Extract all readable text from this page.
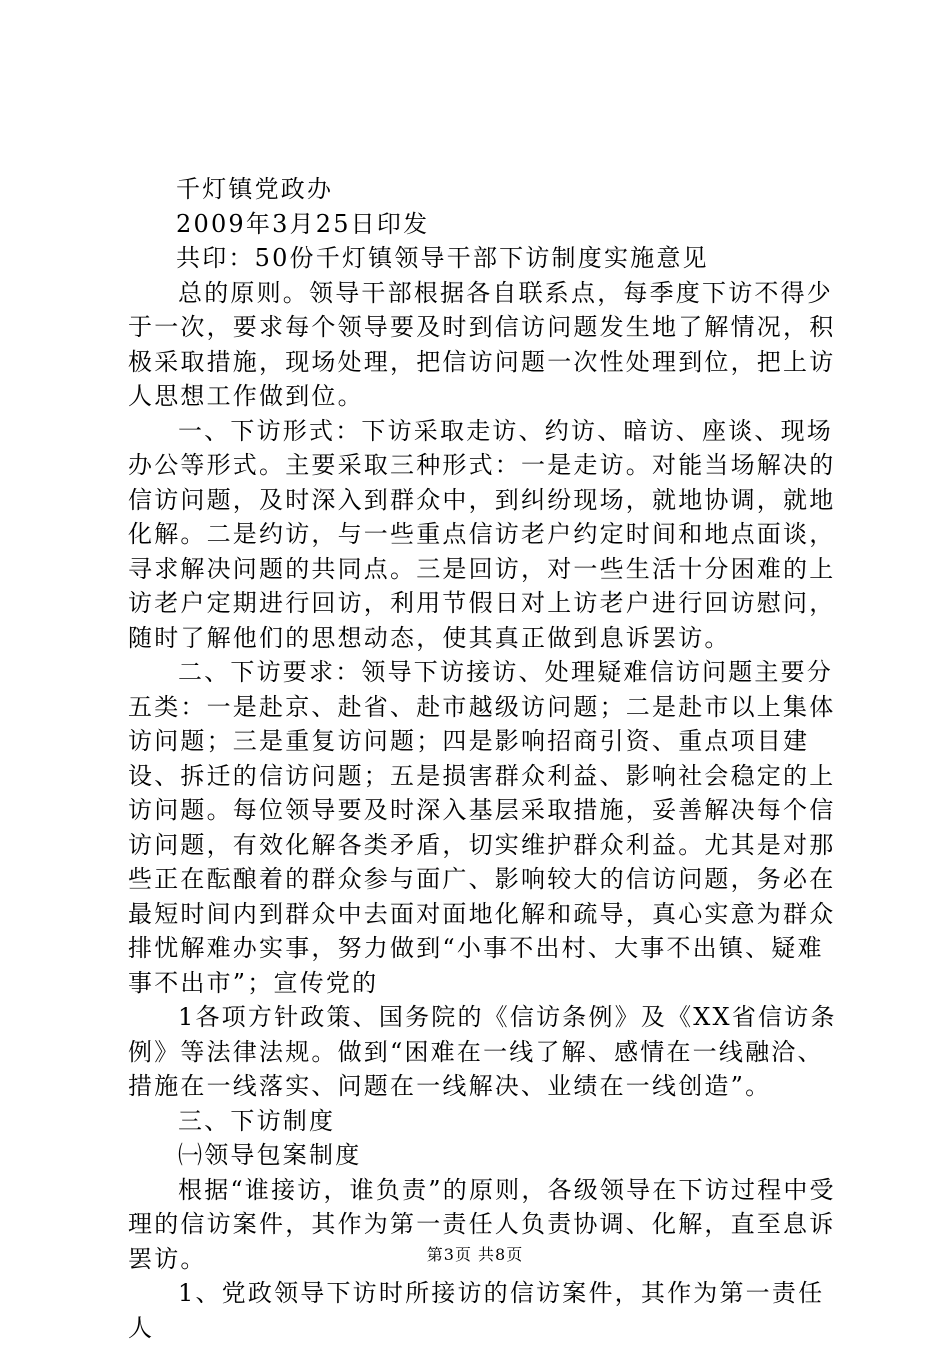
千灯镇党政办

2009年3月25日印发

共印：50份千灯镇领导干部下访制度实施意见

总的原则。领导干部根据各自联系点，每季度下访不得少于一次，要求每个领导要及时到信访问题发生地了解情况，积极采取措施，现场处理，把信访问题一次性处理到位，把上访人思想工作做到位。

一、下访形式：下访采取走访、约访、暗访、座谈、现场办公等形式。主要采取三种形式：一是走访。对能当场解决的信访问题，及时深入到群众中，到纠纷现场，就地协调，就地化解。二是约访，与一些重点信访老户约定时间和地点面谈，寻求解决问题的共同点。三是回访，对一些生活十分困难的上访老户定期进行回访，利用节假日对上访老户进行回访慰问，随时了解他们的思想动态，使其真正做到息诉罢访。

二、下访要求：领导下访接访、处理疑难信访问题主要分五类：一是赴京、赴省、赴市越级访问题；二是赴市以上集体访问题；三是重复访问题；四是影响招商引资、重点项目建设、拆迁的信访问题；五是损害群众利益、影响社会稳定的上访问题。每位领导要及时深入基层采取措施，妥善解决每个信访问题，有效化解各类矛盾，切实维护群众利益。尤其是对那些正在酝酿着的群众参与面广、影响较大的信访问题，务必在最短时间内到群众中去面对面地化解和疏导，真心实意为群众排忧解难办实事，努力做到“小事不出村、大事不出镇、疑难事不出市”；宣传党的

1各项方针政策、国务院的《信访条例》及《XX省信访条例》等法律法规。做到“困难在一线了解、感情在一线融洽、措施在一线落实、问题在一线解决、业绩在一线创造”。

三、下访制度

㈠领导包案制度

根据“谁接访，谁负责”的原则，各级领导在下访过程中受理的信访案件，其作为第一责任人负责协调、化解，直至息诉罢访。

1、党政领导下访时所接访的信访案件，其作为第一责任人

第3页 共8页
